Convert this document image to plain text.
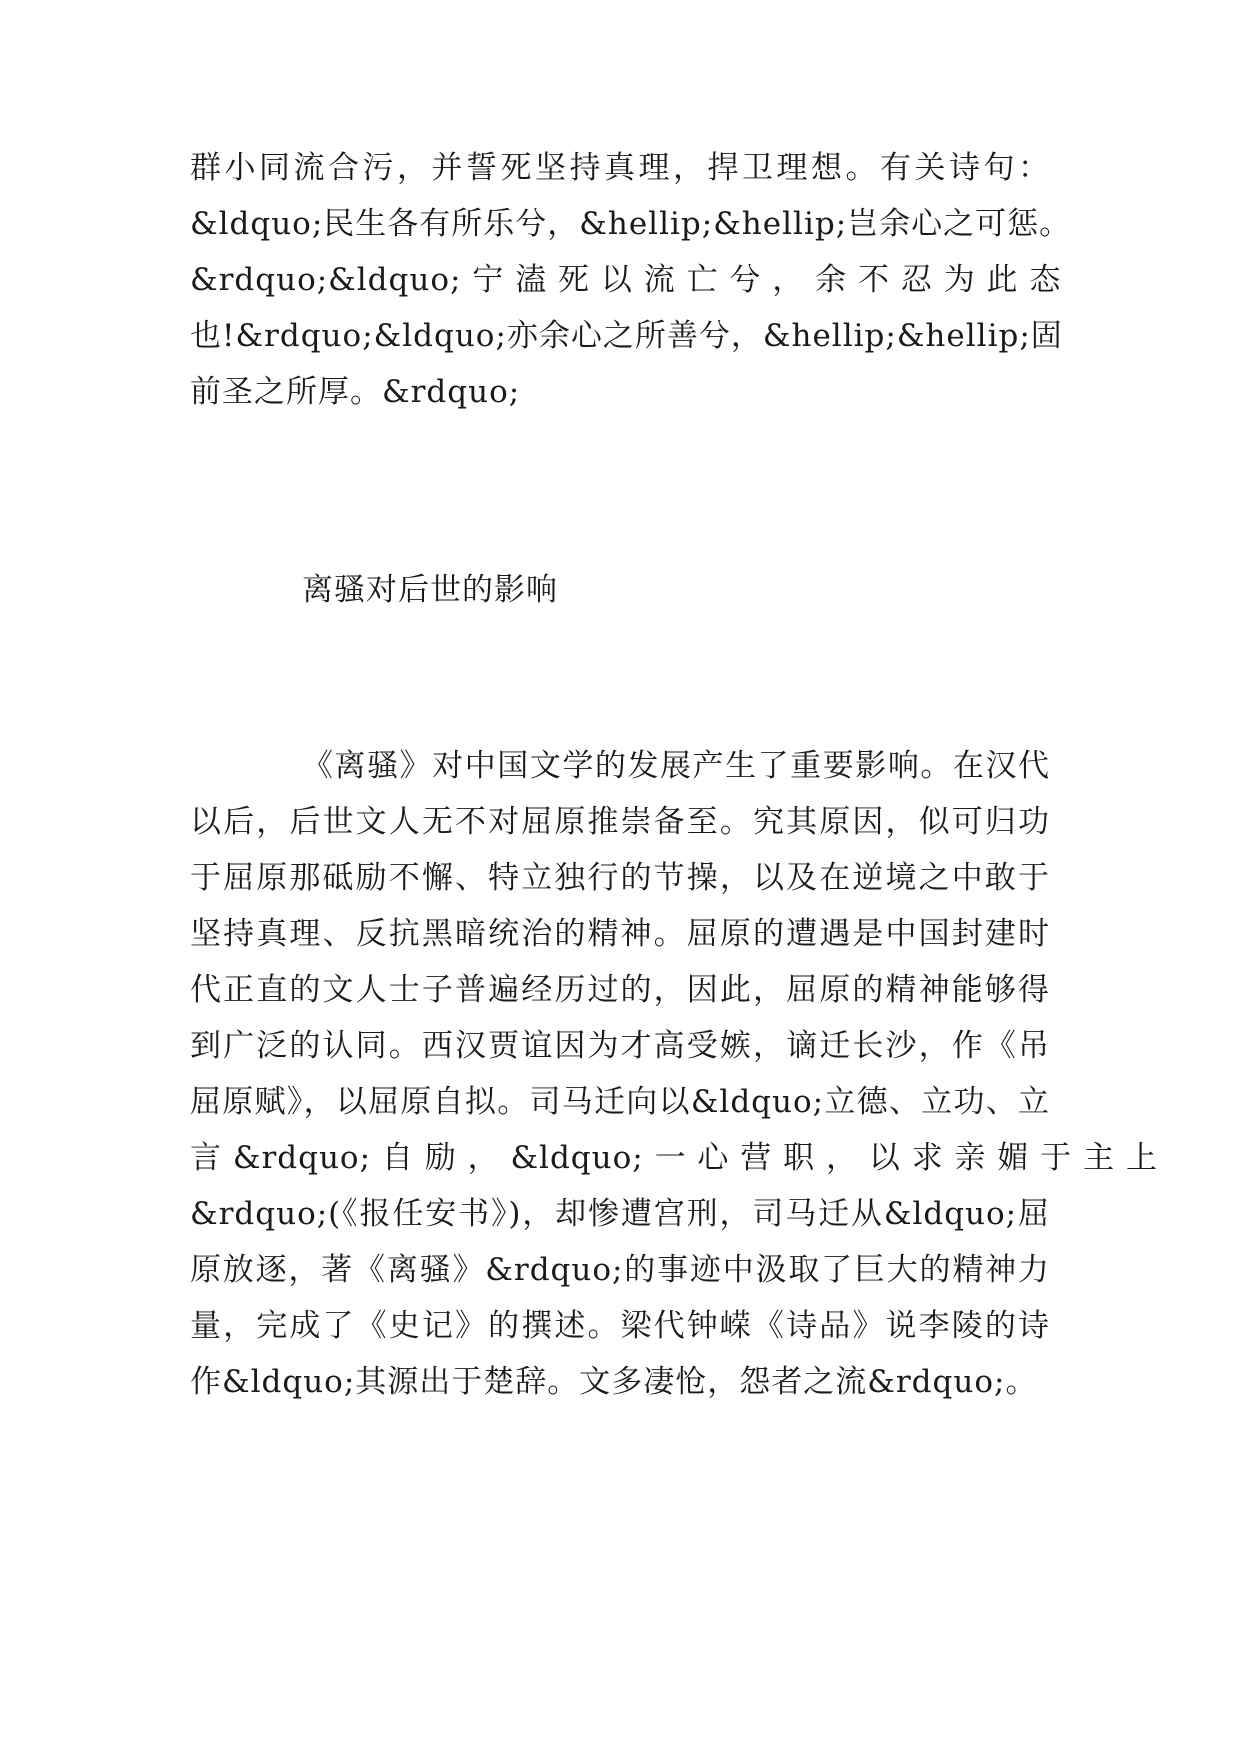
群小同流合污，并誓死坚持真理，捍卫理想。有关诗句：
&ldquo;民生各有所乐兮，&hellip;&hellip;岂余心之可惩。
&rdquo;&ldquo; 宁 溘 死 以 流 亡 兮 ， 余 不 忍 为 此 态
也!&rdquo;&ldquo;亦余心之所善兮，&hellip;&hellip;固
前圣之所厚。&rdquo;
离骚对后世的影响
《离骚》对中国文学的发展产生了重要影响。在汉代
以后，后世文人无不对屈原推崇备至。究其原因，似可归功
于屈原那砥励不懈、特立独行的节操，以及在逆境之中敢于
坚持真理、反抗黑暗统治的精神。屈原的遭遇是中国封建时
代正直的文人士子普遍经历过的，因此，屈原的精神能够得
到广泛的认同。西汉贾谊因为才高受嫉，谪迁长沙，作《吊
屈原赋》，以屈原自拟。司马迁向以&ldquo;立德、立功、立
言 &rdquo; 自 励 ， &ldquo; 一 心 营 职 ， 以 求 亲 媚 于 主 上
&rdquo;(《报任安书》)，却惨遭宫刑，司马迁从&ldquo;屈
原放逐，著《离骚》&rdquo;的事迹中汲取了巨大的精神力
量，完成了《史记》的撰述。梁代钟嵘《诗品》说李陵的诗
作&ldquo;其源出于楚辞。文多凄怆，怨者之流&rdquo;。
